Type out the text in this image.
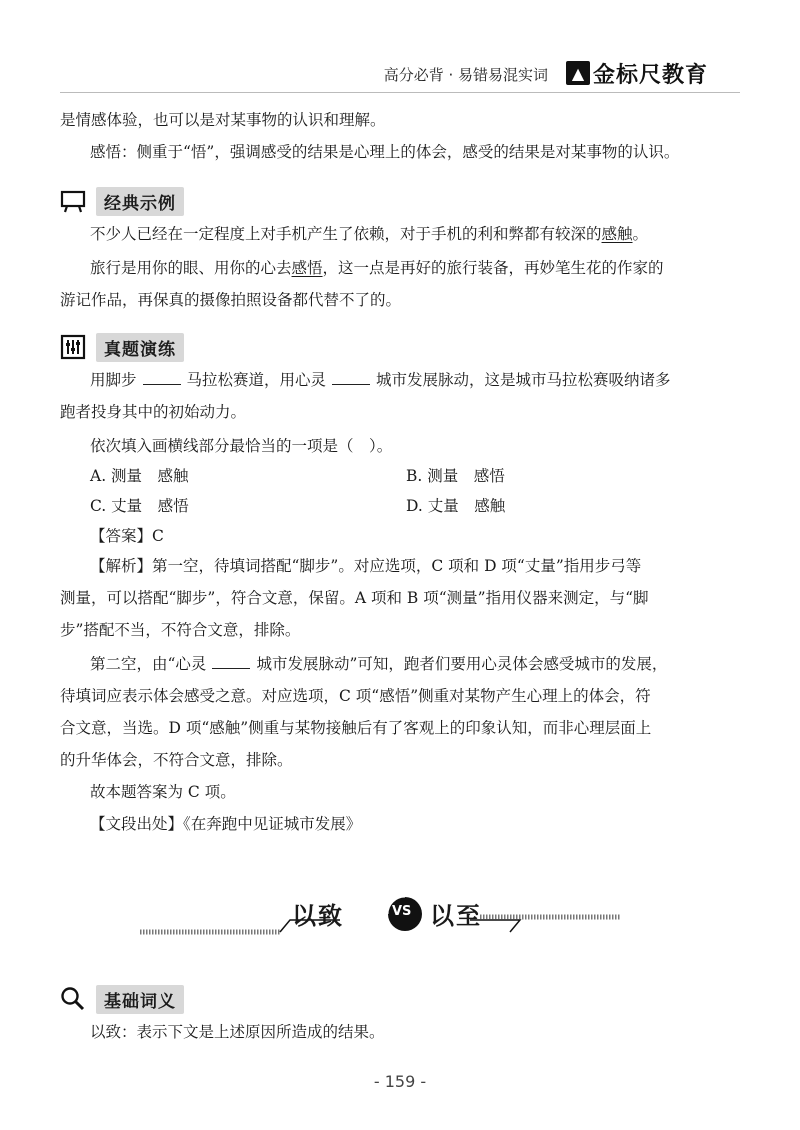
高分必背 · 易错易混实词	▲ 金标尺教育
是情感体验，也可以是对某事物的认识和理解。
感悟：侧重于“悟”，强调感受的结果是心理上的体会，感受的结果是对某事物的认识。
经典示例
不少人已经在一定程度上对手机产生了依赖，对于手机的利和弊都有较深的感触。
旅行是用你的眼、用你的心去感悟，这一点是再好的旅行装备，再妙笔生花的作家的
游记作品，再保真的摄像拍照设备都代替不了的。
真题演练
用脚步	马拉松赛道，用心灵	城市发展脉动，这是城市马拉松赛吸纳诸多
跑者投身其中的初始动力。
依次填入画横线部分最恰当的一项是（　）。
A. 测量　感触	B. 测量　感悟
C. 丈量　感悟	D. 丈量　感触
【答案】C
【解析】第一空，待填词搭配“脚步”。对应选项，C 项和 D 项“丈量”指用步弓等
测量，可以搭配“脚步”，符合文意，保留。A 项和 B 项“测量”指用仪器来测定，与“脚
步”搭配不当，不符合文意，排除。
第二空，由“心灵	城市发展脉动”可知，跑者们要用心灵体会感受城市的发展，
待填词应表示体会感受之意。对应选项，C 项“感悟”侧重对某物产生心理上的体会，符
合文意，当选。D 项“感触”侧重与某物接触后有了客观上的印象认知，而非心理层面上
的升华体会，不符合文意，排除。
故本题答案为 C 项。
【文段出处】《在奔跑中见证城市发展》
以致	VS 以至
基础词义
以致：表示下文是上述原因所造成的结果。
- 159 -
